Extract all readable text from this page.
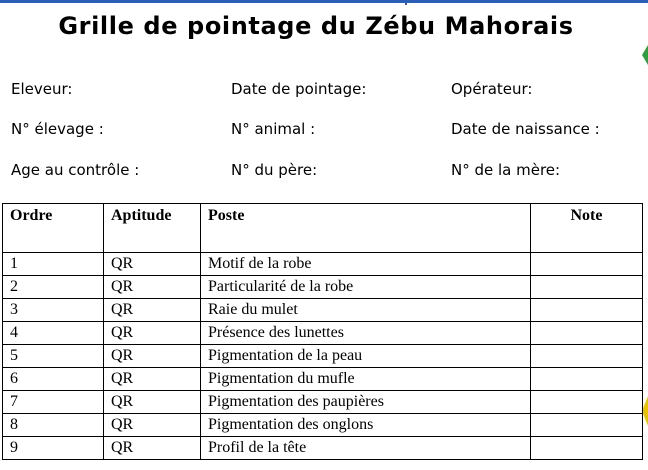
Grille de pointage du Zébu Mahorais
Eleveur:	Date de pointage:	Opérateur:
N° élevage :	N° animal :	Date de naissance :
Age au contrôle :	N° du père:	N° de la mère:
Ordre	Aptitude	Poste	Note
1	QR	Motif de la robe	
2	QR	Particularité de la robe	
3	QR	Raie du mulet	
4	QR	Présence des lunettes	
5	QR	Pigmentation de la peau	
6	QR	Pigmentation du mufle	
7	QR	Pigmentation des paupières	
8	QR	Pigmentation des onglons	
9	QR	Profil de la tête	
